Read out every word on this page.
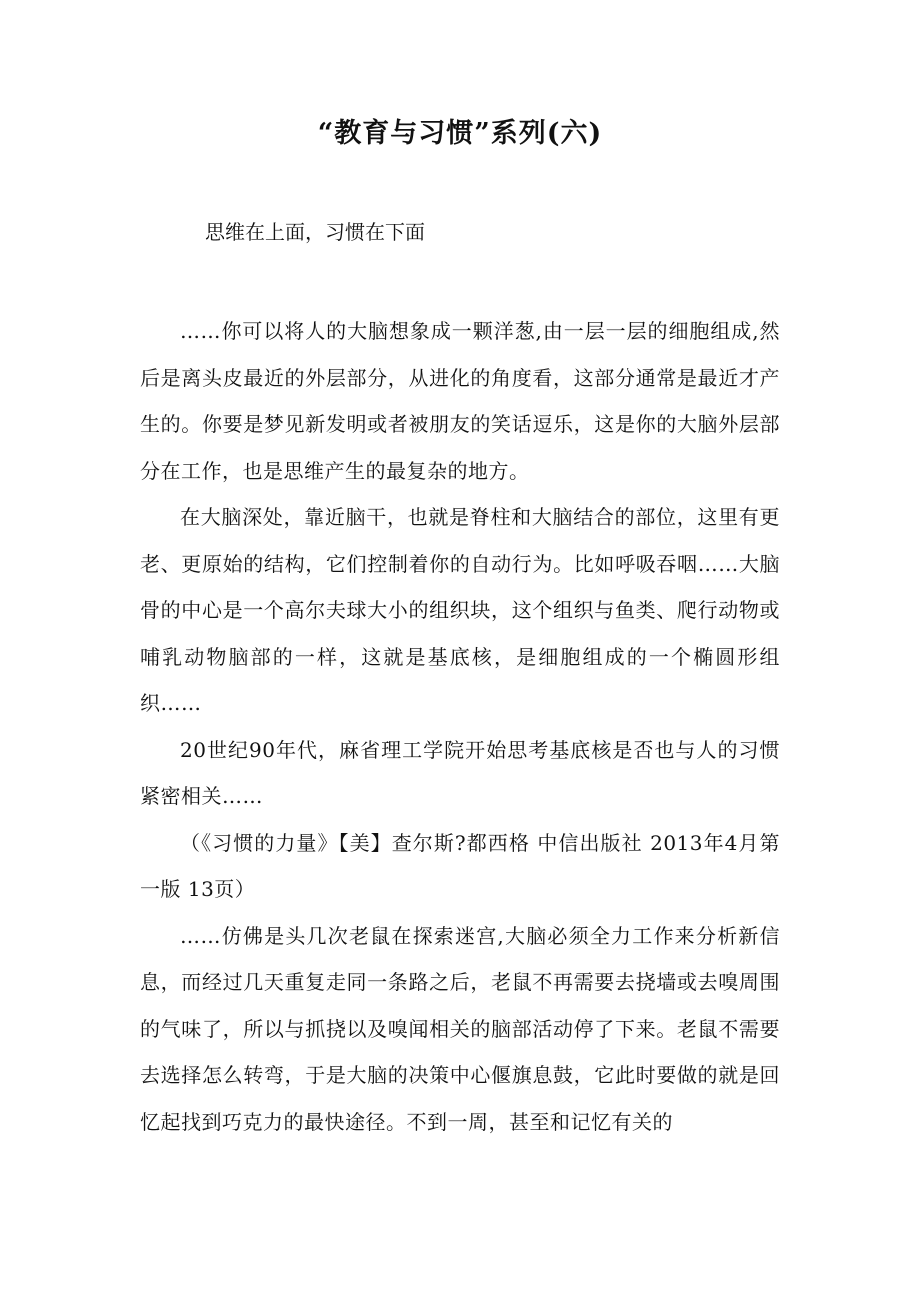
“教育与习惯”系列(六)
思维在上面，习惯在下面

……你可以将人的大脑想象成一颗洋葱,由一层一层的细胞组成,然后是离头皮最近的外层部分，从进化的角度看，这部分通常是最近才产生的。你要是梦见新发明或者被朋友的笑话逗乐，这是你的大脑外层部分在工作，也是思维产生的最复杂的地方。

在大脑深处，靠近脑干，也就是脊柱和大脑结合的部位，这里有更老、更原始的结构，它们控制着你的自动行为。比如呼吸吞咽……大脑骨的中心是一个高尔夫球大小的组织块，这个组织与鱼类、爬行动物或哺乳动物脑部的一样，这就是基底核，是细胞组成的一个椭圆形组织……

20世纪90年代，麻省理工学院开始思考基底核是否也与人的习惯紧密相关……

（《习惯的力量》【美】查尔斯?都西格 中信出版社 2013年4月第一版 13页）

……仿佛是头几次老鼠在探索迷宫,大脑必须全力工作来分析新信息，而经过几天重复走同一条路之后，老鼠不再需要去挠墙或去嗅周围的气味了，所以与抓挠以及嗅闻相关的脑部活动停了下来。老鼠不需要去选择怎么转弯，于是大脑的决策中心偃旗息鼓，它此时要做的就是回忆起找到巧克力的最快途径。不到一周，甚至和记忆有关的
